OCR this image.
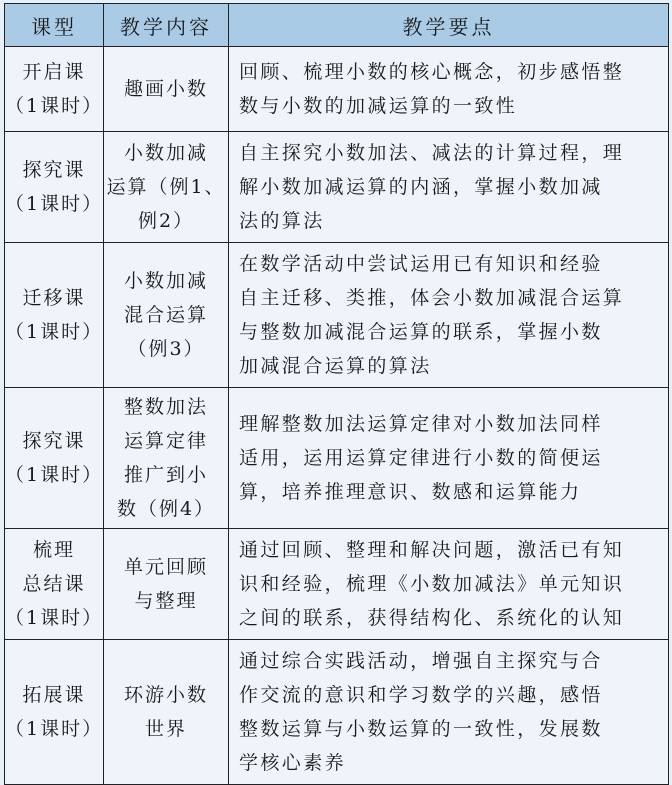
课型	教学内容	教学要点

开启课
（1课时）	趣画小数	回顾、梳理小数的核心概念，初步感悟整
数与小数的加减运算的一致性

探究课
（1课时）	小数加减
运算（例1、
例2）	自主探究小数加法、减法的计算过程，理
解小数加减运算的内涵，掌握小数加减
法的算法

迁移课
（1课时）	小数加减
混合运算
（例3）	在数学活动中尝试运用已有知识和经验
自主迁移、类推，体会小数加减混合运算
与整数加减混合运算的联系，掌握小数
加减混合运算的算法

探究课
（1课时）	整数加法
运算定律
推广到小
数（例4）	理解整数加法运算定律对小数加法同样
适用，运用运算定律进行小数的简便运
算，培养推理意识、数感和运算能力

梳理
总结课
（1课时）	单元回顾
与整理	通过回顾、整理和解决问题，激活已有知
识和经验，梳理《小数加减法》单元知识
之间的联系，获得结构化、系统化的认知

拓展课
（1课时）	环游小数
世界	通过综合实践活动，增强自主探究与合
作交流的意识和学习数学的兴趣，感悟
整数运算与小数运算的一致性，发展数
学核心素养
